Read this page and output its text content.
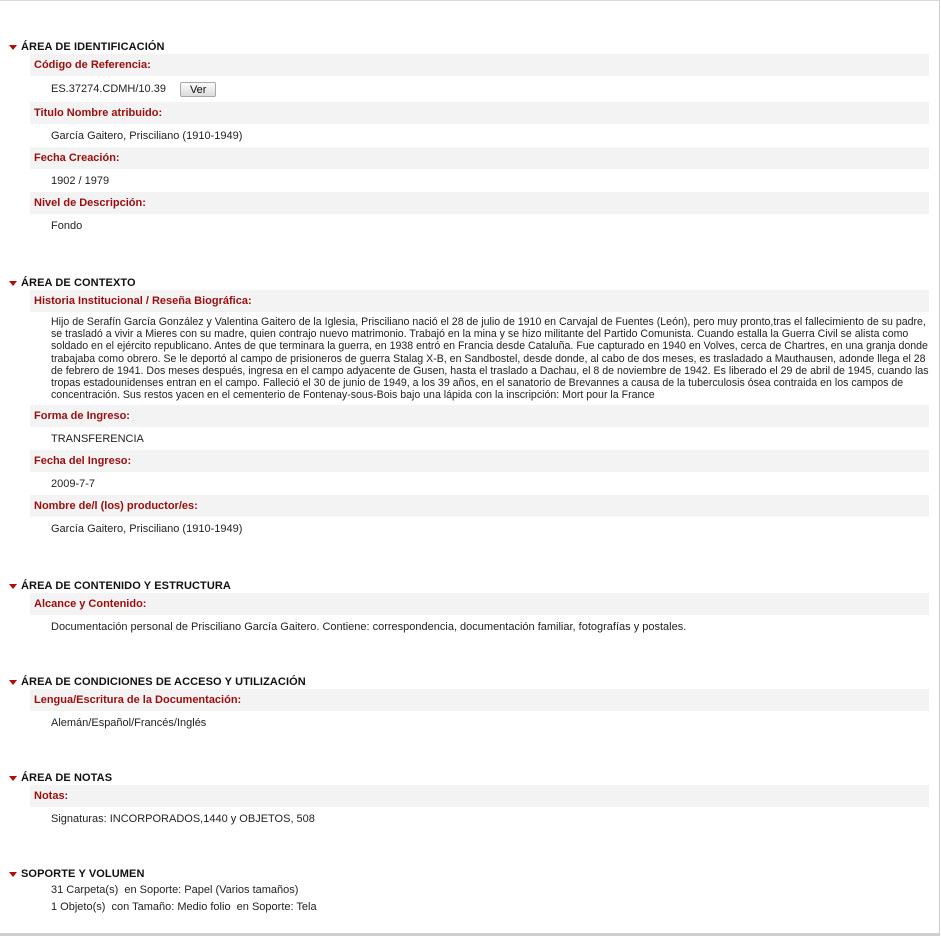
ÁREA DE IDENTIFICACIÓN
Código de Referencia:
ES.37274.CDMH/10.39	Ver
Titulo Nombre atribuido:
García Gaitero, Prisciliano (1910-1949)
Fecha Creación:
1902 / 1979
Nivel de Descripción:
Fondo
ÁREA DE CONTEXTO
Historia Institucional / Reseña Biográfica:
Hijo de Serafín García González y Valentina Gaitero de la Iglesia, Prisciliano nació el 28 de julio de 1910 en Carvajal de Fuentes (León), pero muy pronto,tras el fallecimiento de su padre, se trasladó a vivir a Mieres con su madre, quien contrajo nuevo matrimonio. Trabajó en la mina y se hizo militante del Partido Comunista. Cuando estalla la Guerra Civil se alista como soldado en el ejército republicano. Antes de que terminara la guerra, en 1938 entró en Francia desde Cataluña. Fue capturado en 1940 en Volves, cerca de Chartres, en una granja donde trabajaba como obrero. Se le deportó al campo de prisioneros de guerra Stalag X-B, en Sandbostel, desde donde, al cabo de dos meses, es trasladado a Mauthausen, adonde llega el 28 de febrero de 1941. Dos meses después, ingresa en el campo adyacente de Gusen, hasta el traslado a Dachau, el 8 de noviembre de 1942. Es liberado el 29 de abril de 1945, cuando las tropas estadounidenses entran en el campo. Falleció el 30 de junio de 1949, a los 39 años, en el sanatorio de Brevannes a causa de la tuberculosis ósea contraida en los campos de concentración. Sus restos yacen en el cementerio de Fontenay-sous-Bois bajo una lápida con la inscripción: Mort pour la France
Forma de Ingreso:
TRANSFERENCIA
Fecha del Ingreso:
2009-7-7
Nombre de/l (los) productor/es:
García Gaitero, Prisciliano (1910-1949)
ÁREA DE CONTENIDO Y ESTRUCTURA
Alcance y Contenido:
Documentación personal de Prisciliano García Gaitero. Contiene: correspondencia, documentación familiar, fotografías y postales.
ÁREA DE CONDICIONES DE ACCESO Y UTILIZACIÓN
Lengua/Escritura de la Documentación:
Alemán/Español/Francés/Inglés
ÁREA DE NOTAS
Notas:
Signaturas: INCORPORADOS,1440 y OBJETOS, 508
SOPORTE Y VOLUMEN
31 Carpeta(s)  en Soporte: Papel (Varios tamaños)
1 Objeto(s)  con Tamaño: Medio folio  en Soporte: Tela
